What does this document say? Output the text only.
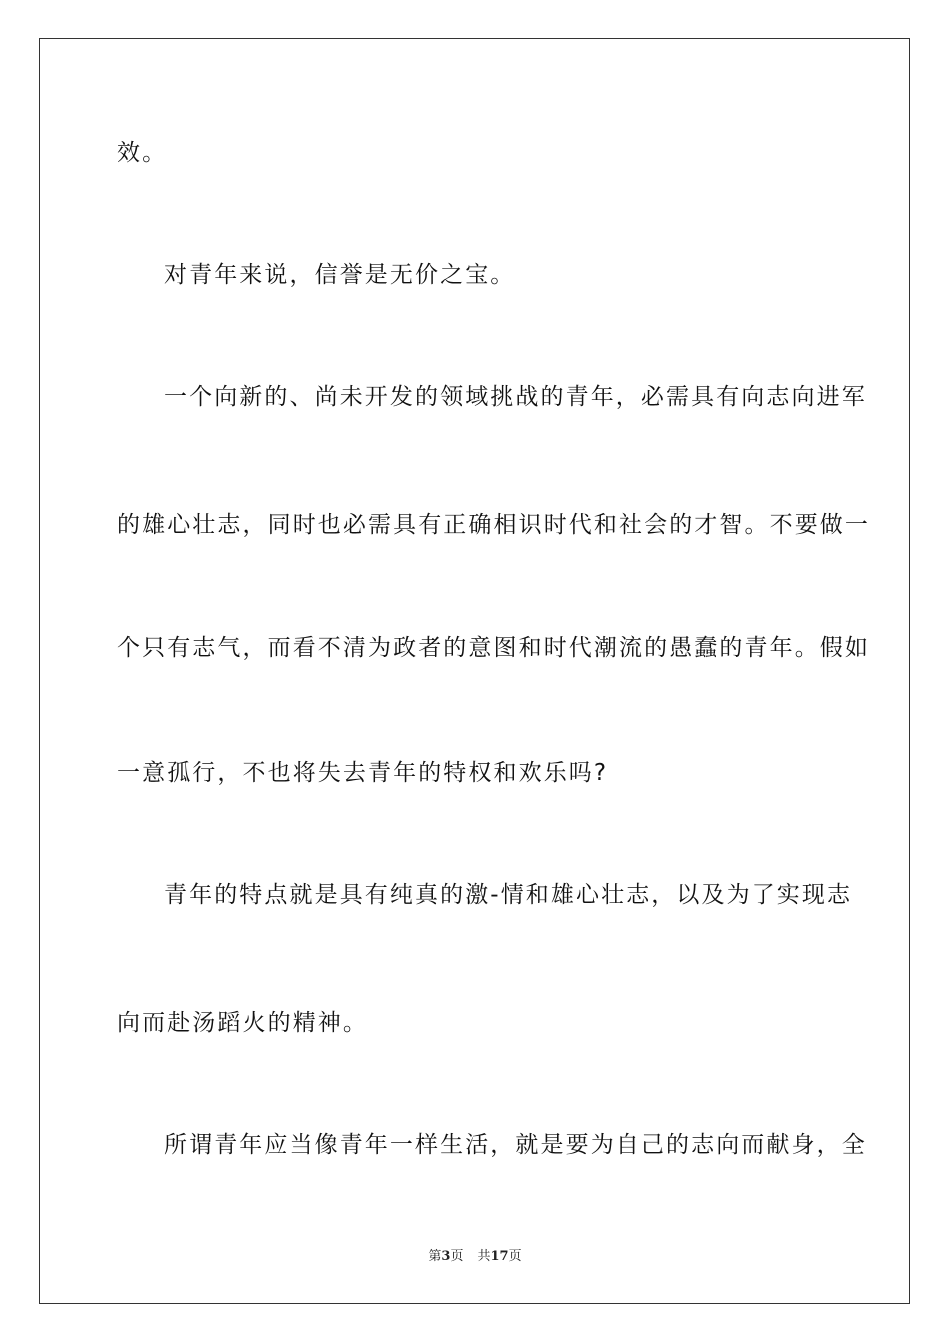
效。
对青年来说，信誉是无价之宝。
一个向新的、尚未开发的领域挑战的青年，必需具有向志向进军
的雄心壮志，同时也必需具有正确相识时代和社会的才智。不要做一
个只有志气，而看不清为政者的意图和时代潮流的愚蠢的青年。假如
一意孤行，不也将失去青年的特权和欢乐吗?
青年的特点就是具有纯真的激-情和雄心壮志，以及为了实现志
向而赴汤蹈火的精神。
所谓青年应当像青年一样生活，就是要为自己的志向而献身，全
第3页 共17页
